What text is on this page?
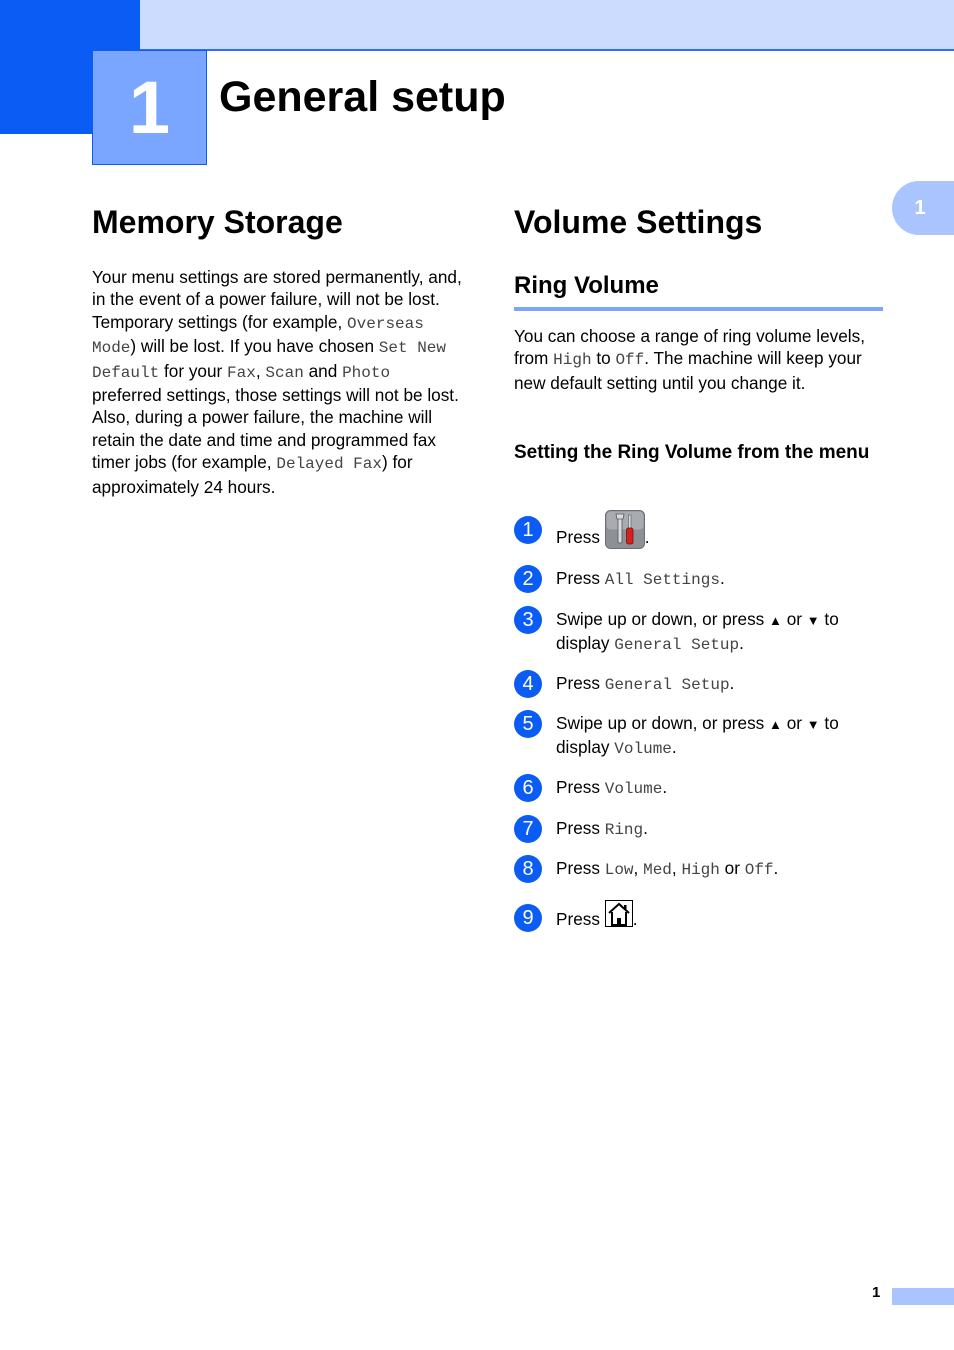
1 General setup
1
Memory Storage

Your menu settings are stored permanently, and, in the event of a power failure, will not be lost. Temporary settings (for example, Overseas Mode) will be lost. If you have chosen Set New Default for your Fax, Scan and Photo preferred settings, those settings will not be lost. Also, during a power failure, the machine will retain the date and time and programmed fax timer jobs (for example, Delayed Fax) for approximately 24 hours.

Volume Settings
Ring Volume

You can choose a range of ring volume levels, from High to Off. The machine will keep your new default setting until you change it.

Setting the Ring Volume from the menu
1	Press	.
2	Press All Settings.
3	Swipe up or down, or press ▲ or ▼ to display General Setup.
4	Press General Setup.
5	Swipe up or down, or press ▲ or ▼ to display Volume.
6	Press Volume.
7	Press Ring.
8	Press Low, Med, High or Off.
9	Press .
1
